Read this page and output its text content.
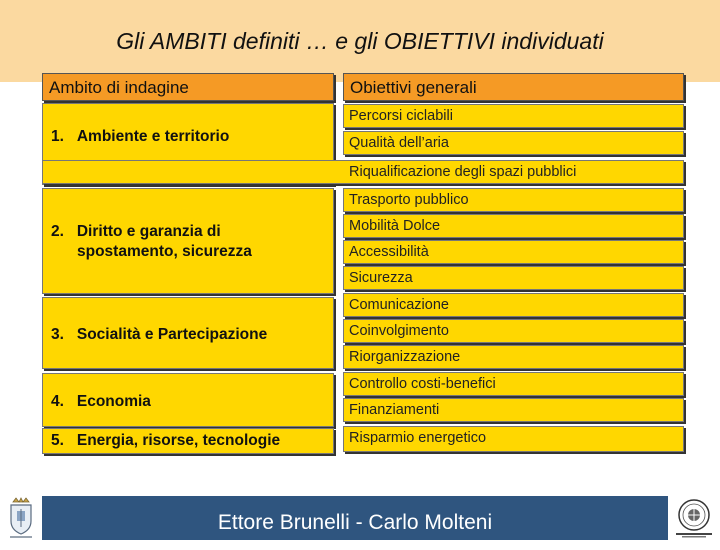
Gli AMBITI definiti … e gli OBIETTIVI individuati
Ambito di indagine	Obiettivi generali
1. Ambiente e territorio
2. Diritto e garanzia di
spostamento, sicurezza
3. Socialità e Partecipazione
4. Economia
5. Energia, risorse, tecnologie
Percorsi ciclabili
Qualità dell’aria
Riqualificazione degli spazi pubblici
Trasporto pubblico
Mobilità Dolce
Accessibilità
Sicurezza
Comunicazione
Coinvolgimento
Riorganizzazione
Controllo costi-benefici
Finanziamenti
Risparmio energetico
Ettore Brunelli - Carlo Molteni
